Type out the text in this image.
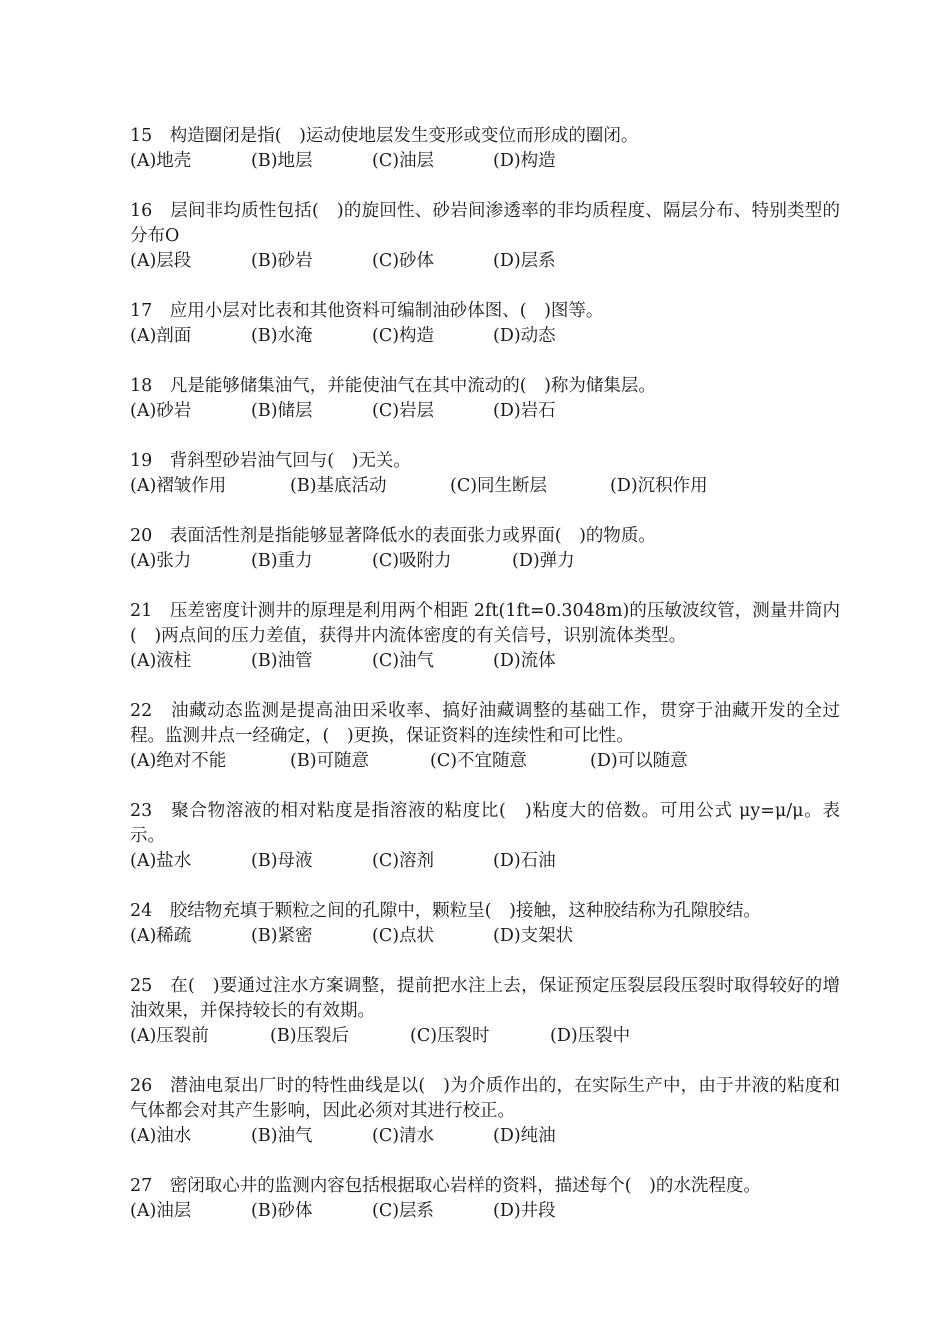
15　构造圈闭是指(　)运动使地层发生变形或变位而形成的圈闭。
(A)地壳	(B)地层	(C)油层	(D)构造
16　层间非均质性包括(　)的旋回性、砂岩间渗透率的非均质程度、隔层分布、特别类型的分布O
(A)层段	(B)砂岩	(C)砂体	(D)层系
17　应用小层对比表和其他资料可编制油砂体图、(　)图等。
(A)剖面	(B)水淹	(C)构造	(D)动态
18　凡是能够储集油气，并能使油气在其中流动的(　)称为储集层。
(A)砂岩	(B)储层	(C)岩层	(D)岩石
19　背斜型砂岩油气回与(　)无关。
(A)褶皱作用	(B)基底活动	(C)同生断层	(D)沉积作用
20　表面活性剂是指能够显著降低水的表面张力或界面(　)的物质。
(A)张力	(B)重力	(C)吸附力	(D)弹力
21　压差密度计测井的原理是利用两个相距 2ft(1ft=0.3048m)的压敏波纹管，测量井筒内(　)两点间的压力差值，获得井内流体密度的有关信号，识别流体类型。
(A)液柱	(B)油管	(C)油气	(D)流体
22　油藏动态监测是提高油田采收率、搞好油藏调整的基础工作，贯穿于油藏开发的全过程。监测井点一经确定，(　)更换，保证资料的连续性和可比性。
(A)绝对不能	(B)可随意	(C)不宜随意	(D)可以随意
23　聚合物溶液的相对粘度是指溶液的粘度比(　)粘度大的倍数。可用公式 μy=μ/μ。表示。
(A)盐水	(B)母液	(C)溶剂	(D)石油
24　胶结物充填于颗粒之间的孔隙中，颗粒呈(　)接触，这种胶结称为孔隙胶结。
(A)稀疏	(B)紧密	(C)点状	(D)支架状
25　在(　)要通过注水方案调整，提前把水注上去，保证预定压裂层段压裂时取得较好的增油效果，并保持较长的有效期。
(A)压裂前	(B)压裂后	(C)压裂时	(D)压裂中
26　潜油电泵出厂时的特性曲线是以(　)为介质作出的，在实际生产中，由于井液的粘度和气体都会对其产生影响，因此必须对其进行校正。
(A)油水	(B)油气	(C)清水	(D)纯油
27　密闭取心井的监测内容包括根据取心岩样的资料，描述每个(　)的水洗程度。
(A)油层	(B)砂体	(C)层系	(D)井段
